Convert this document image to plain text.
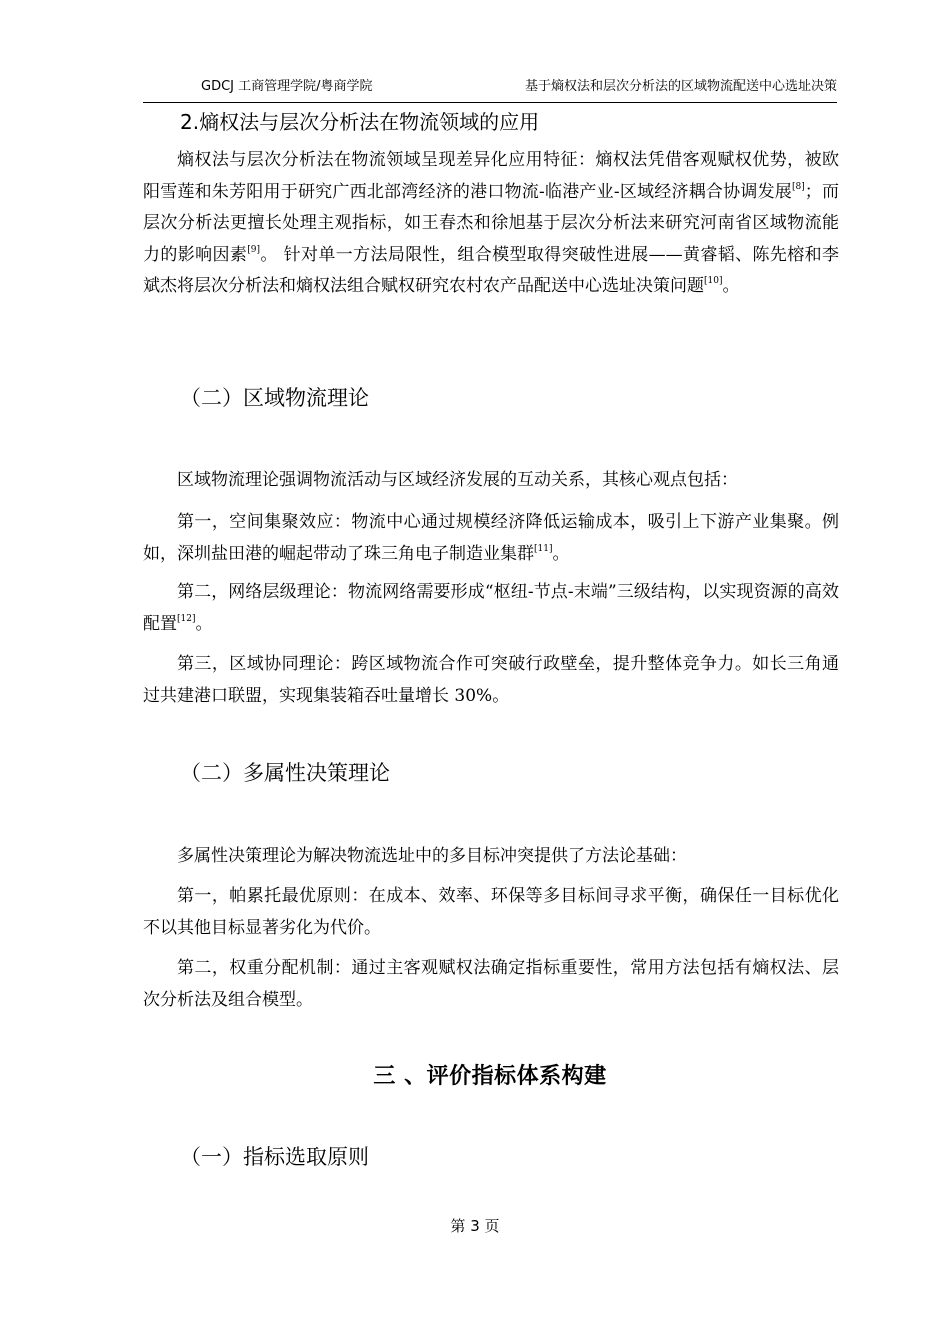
GDCJ 工商管理学院/粤商学院	基于熵权法和层次分析法的区域物流配送中心选址决策
2.熵权法与层次分析法在物流领域的应用
熵权法与层次分析法在物流领域呈现差异化应用特征：熵权法凭借客观赋权优势，被欧阳雪莲和朱芳阳用于研究广西北部湾经济的港口物流-临港产业-区域经济耦合协调发展[8]；而层次分析法更擅长处理主观指标，如王春杰和徐旭基于层次分析法来研究河南省区域物流能力的影响因素[9]。 针对单一方法局限性，组合模型取得突破性进展——黄睿韬、陈先榕和李斌杰将层次分析法和熵权法组合赋权研究农村农产品配送中心选址决策问题[10]。
（二）区域物流理论
区域物流理论强调物流活动与区域经济发展的互动关系，其核心观点包括：
第一，空间集聚效应：物流中心通过规模经济降低运输成本，吸引上下游产业集聚。例如，深圳盐田港的崛起带动了珠三角电子制造业集群[11]。
第二，网络层级理论：物流网络需要形成“枢纽-节点-末端”三级结构，以实现资源的高效配置[12]。
第三，区域协同理论：跨区域物流合作可突破行政壁垒，提升整体竞争力。如长三角通过共建港口联盟，实现集装箱吞吐量增长 30%。
（二）多属性决策理论
多属性决策理论为解决物流选址中的多目标冲突提供了方法论基础：
第一，帕累托最优原则：在成本、效率、环保等多目标间寻求平衡，确保任一目标优化不以其他目标显著劣化为代价。
第二，权重分配机制：通过主客观赋权法确定指标重要性，常用方法包括有熵权法、层次分析法及组合模型。
三 、评价指标体系构建
（一）指标选取原则
第 3 页
